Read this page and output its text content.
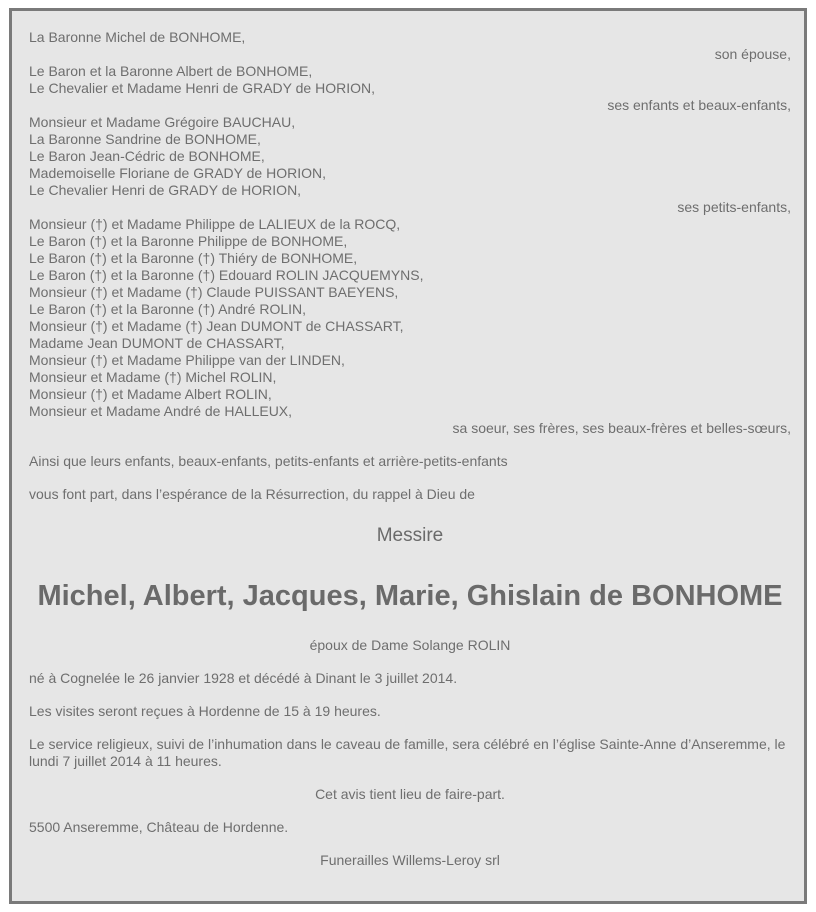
La Baronne Michel de BONHOME,
son épouse,
Le Baron et la Baronne Albert de BONHOME,
Le Chevalier et Madame Henri de GRADY de HORION,
ses enfants et beaux-enfants,
Monsieur et Madame Grégoire BAUCHAU,
La Baronne Sandrine de BONHOME,
Le Baron Jean-Cédric de BONHOME,
Mademoiselle Floriane de GRADY de HORION,
Le Chevalier Henri de GRADY de HORION,
ses petits-enfants,
Monsieur (†) et Madame Philippe de LALIEUX de la ROCQ,
Le Baron (†) et la Baronne Philippe de BONHOME,
Le Baron (†) et la Baronne (†) Thiéry de BONHOME,
Le Baron (†) et la Baronne (†) Edouard ROLIN JACQUEMYNS,
Monsieur (†) et Madame (†) Claude PUISSANT BAEYENS,
Le Baron (†) et la Baronne (†) André ROLIN,
Monsieur (†) et Madame (†) Jean DUMONT de CHASSART,
Madame Jean DUMONT de CHASSART,
Monsieur (†) et Madame Philippe van der LINDEN,
Monsieur et Madame (†) Michel ROLIN,
Monsieur (†) et Madame Albert ROLIN,
Monsieur et Madame André de HALLEUX,
sa soeur, ses frères, ses beaux-frères et belles-sœurs,
Ainsi que leurs enfants, beaux-enfants, petits-enfants et arrière-petits-enfants
vous font part, dans l’espérance de la Résurrection, du rappel à Dieu de
Messire
Michel, Albert, Jacques, Marie, Ghislain de BONHOME
époux de Dame Solange ROLIN
né à Cognelée le 26 janvier 1928 et décédé à Dinant le 3 juillet 2014.
Les visites seront reçues à Hordenne de 15 à 19 heures.
Le service religieux, suivi de l’inhumation dans le caveau de famille, sera célébré en l’église Sainte-Anne d’Anseremme, le lundi 7 juillet 2014 à 11 heures.
Cet avis tient lieu de faire-part.
5500 Anseremme, Château de Hordenne.
Funerailles Willems-Leroy srl
